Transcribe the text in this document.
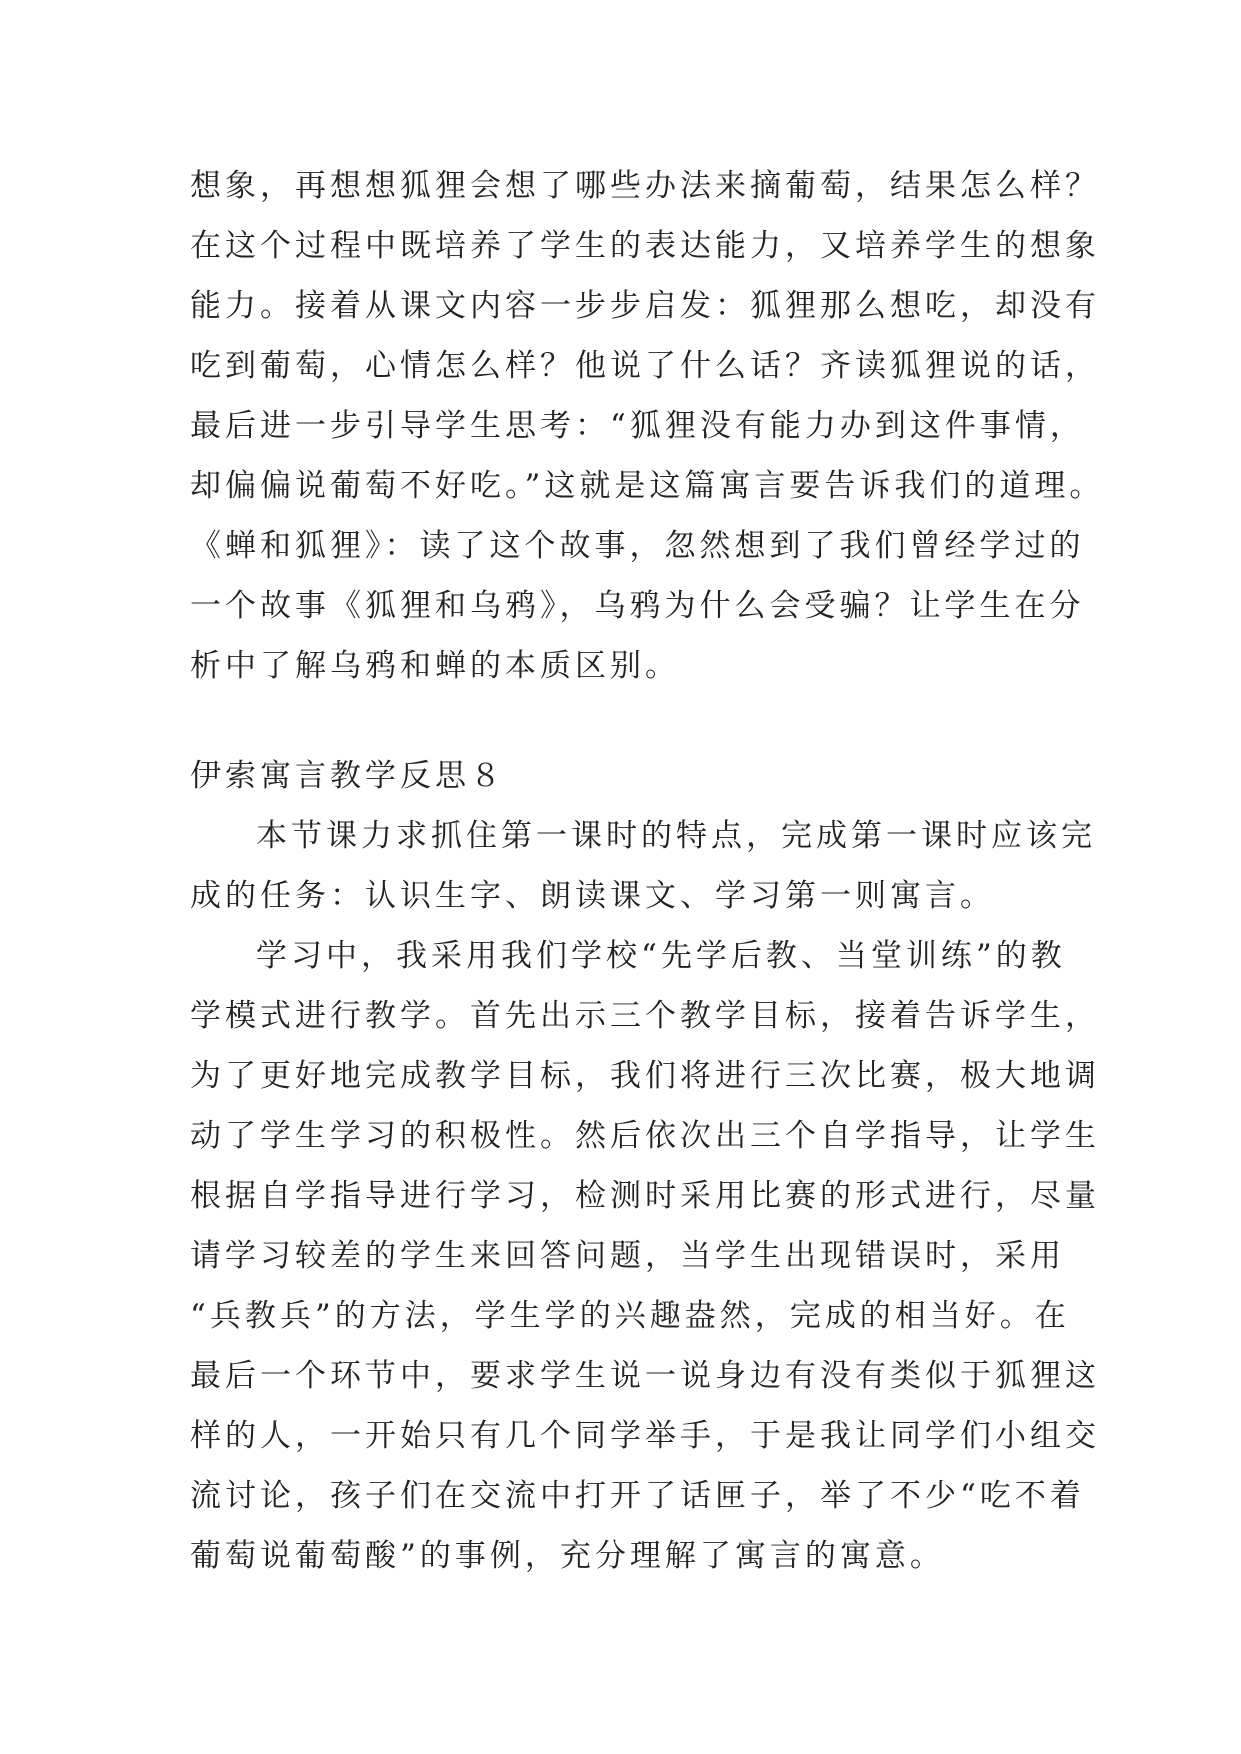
想象，再想想狐狸会想了哪些办法来摘葡萄，结果怎么样？
在这个过程中既培养了学生的表达能力，又培养学生的想象
能力。接着从课文内容一步步启发：狐狸那么想吃，却没有
吃到葡萄，心情怎么样？他说了什么话？齐读狐狸说的话，
最后进一步引导学生思考：“狐狸没有能力办到这件事情，
却偏偏说葡萄不好吃。”这就是这篇寓言要告诉我们的道理。
《蝉和狐狸》：读了这个故事，忽然想到了我们曾经学过的
一个故事《狐狸和乌鸦》，乌鸦为什么会受骗？让学生在分
析中了解乌鸦和蝉的本质区别。
伊索寓言教学反思８
本节课力求抓住第一课时的特点，完成第一课时应该完
成的任务：认识生字、朗读课文、学习第一则寓言。
学习中，我采用我们学校“先学后教、当堂训练”的教
学模式进行教学。首先出示三个教学目标，接着告诉学生，
为了更好地完成教学目标，我们将进行三次比赛，极大地调
动了学生学习的积极性。然后依次出三个自学指导，让学生
根据自学指导进行学习，检测时采用比赛的形式进行，尽量
请学习较差的学生来回答问题，当学生出现错误时，采用
“兵教兵”的方法，学生学的兴趣盎然，完成的相当好。在
最后一个环节中，要求学生说一说身边有没有类似于狐狸这
样的人，一开始只有几个同学举手，于是我让同学们小组交
流讨论，孩子们在交流中打开了话匣子，举了不少“吃不着
葡萄说葡萄酸”的事例，充分理解了寓言的寓意。
